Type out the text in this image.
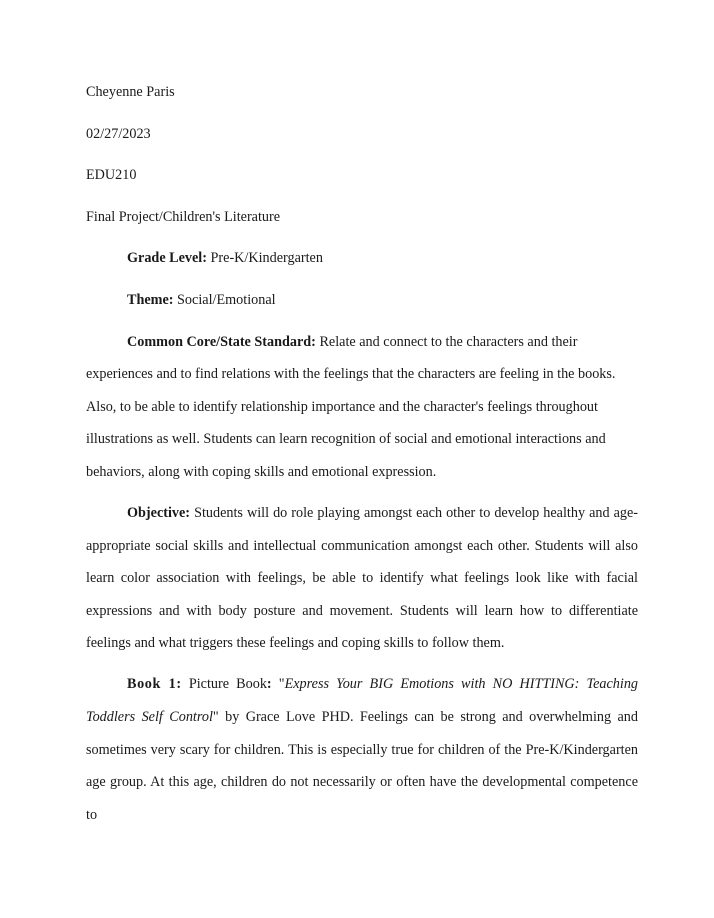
Cheyenne Paris
02/27/2023
EDU210
Final Project/Children's Literature
Grade Level: Pre-K/Kindergarten
Theme: Social/Emotional
Common Core/State Standard: Relate and connect to the characters and their
experiences and to find relations with the feelings that the characters are feeling in the books.
Also, to be able to identify relationship importance and the character's feelings throughout
illustrations as well. Students can learn recognition of social and emotional interactions and
behaviors, along with coping skills and emotional expression.
Objective: Students will do role playing amongst each other to develop healthy and age-
appropriate social skills and intellectual communication amongst each other. Students will also
learn color association with feelings, be able to identify what feelings look like with facial
expressions and with body posture and movement. Students will learn how to differentiate
feelings and what triggers these feelings and coping skills to follow them.
Book 1: Picture Book: "Express Your BIG Emotions with NO HITTING: Teaching
Toddlers Self Control" by Grace Love PHD. Feelings can be strong and overwhelming and
sometimes very scary for children. This is especially true for children of the Pre-K/Kindergarten
age group. At this age, children do not necessarily or often have the developmental competence
to
